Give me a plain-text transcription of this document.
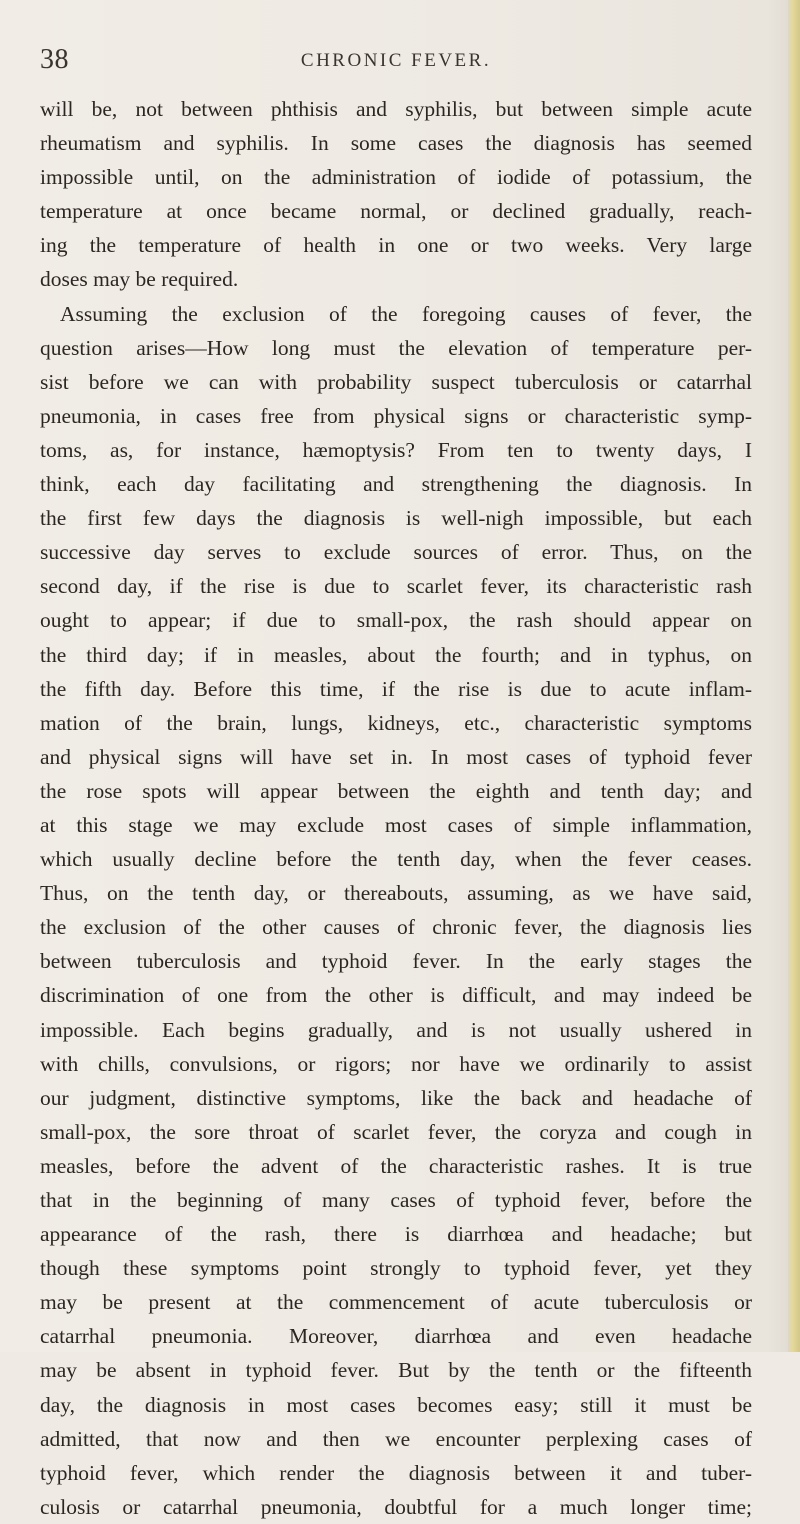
38	CHRONIC FEVER.
will be, not between phthisis and syphilis, but between simple acute
rheumatism and syphilis. In some cases the diagnosis has seemed
impossible until, on the administration of iodide of potassium, the
temperature at once became normal, or declined gradually, reach-
ing the temperature of health in one or two weeks. Very large
doses may be required.
Assuming the exclusion of the foregoing causes of fever, the
question arises—How long must the elevation of temperature per-
sist before we can with probability suspect tuberculosis or catarrhal
pneumonia, in cases free from physical signs or characteristic symp-
toms, as, for instance, hæmoptysis? From ten to twenty days, I
think, each day facilitating and strengthening the diagnosis. In
the first few days the diagnosis is well-nigh impossible, but each
successive day serves to exclude sources of error. Thus, on the
second day, if the rise is due to scarlet fever, its characteristic rash
ought to appear; if due to small-pox, the rash should appear on
the third day; if in measles, about the fourth; and in typhus, on
the fifth day. Before this time, if the rise is due to acute inflam-
mation of the brain, lungs, kidneys, etc., characteristic symptoms
and physical signs will have set in. In most cases of typhoid fever
the rose spots will appear between the eighth and tenth day; and
at this stage we may exclude most cases of simple inflammation,
which usually decline before the tenth day, when the fever ceases.
Thus, on the tenth day, or thereabouts, assuming, as we have said,
the exclusion of the other causes of chronic fever, the diagnosis lies
between tuberculosis and typhoid fever. In the early stages the
discrimination of one from the other is difficult, and may indeed be
impossible. Each begins gradually, and is not usually ushered in
with chills, convulsions, or rigors; nor have we ordinarily to assist
our judgment, distinctive symptoms, like the back and headache of
small-pox, the sore throat of scarlet fever, the coryza and cough in
measles, before the advent of the characteristic rashes. It is true
that in the beginning of many cases of typhoid fever, before the
appearance of the rash, there is diarrhœa and headache; but
though these symptoms point strongly to typhoid fever, yet they
may be present at the commencement of acute tuberculosis or
catarrhal pneumonia. Moreover, diarrhœa and even headache
may be absent in typhoid fever. But by the tenth or the fifteenth
day, the diagnosis in most cases becomes easy; still it must be
admitted, that now and then we encounter perplexing cases of
typhoid fever, which render the diagnosis between it and tuber-
culosis or catarrhal pneumonia, doubtful for a much longer time;
